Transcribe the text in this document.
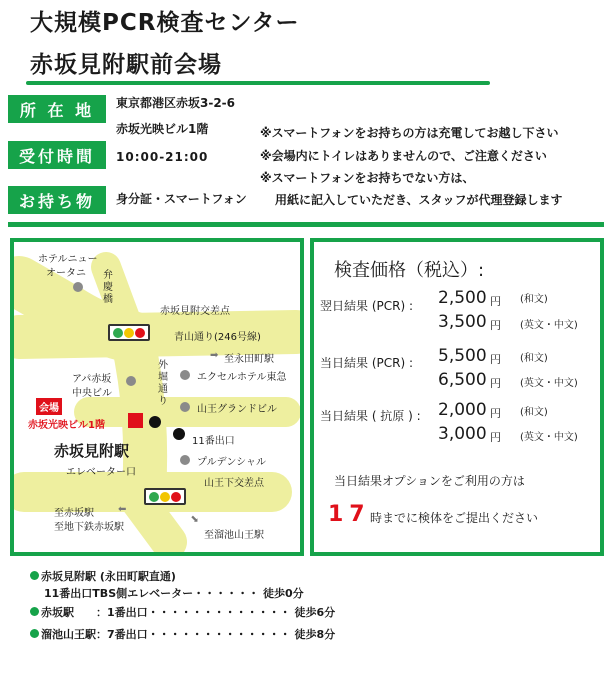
大規模PCR検査センター
赤坂見附駅前会場
所 在 地	東京都港区赤坂3-2-6
赤坂光映ビル1階
受付時間	10:00-21:00
お持ち物	身分証・スマートフォン
※スマートフォンをお持ちの方は充電してお越し下さい
※会場内にトイレはありませんので、ご注意ください
※スマートフォンをお持ちでない方は、
用紙に記入していただき、スタッフが代理登録します
ホテルニュー
オータニ 弁慶橋
赤坂見附交差点
青山通り(246号線)
➡ 至永田町駅
外堀通り
アパ赤坂
中央ビル
エクセルホテル東急
山王グランドビル
会場
赤坂光映ビル1階
11番出口
赤坂見附駅
エレベーター口
プルデンシャル
山王下交差点
⬅
至赤坂駅
至地下鉄赤坂駅
➡
至溜池山王駅
検査価格（税込）:
翌日結果 (PCR) : 2,500 円 (和文)
3,500 円 (英文・中文)
当日結果 (PCR) : 5,500 円 (和文)
6,500 円 (英文・中文)
当日結果 ( 抗原 ) : 2,000 円 (和文)
3,000 円 (英文・中文)
当日結果オプションをご利用の方は
17 時までに検体をご提出ください
赤坂見附駅 (永田町駅直通)
11番出口TBS側エレベーター・・・・・・ 徒歩0分
赤坂駅　　：1番出口・・・・・・・・・・・・・ 徒歩6分
溜池山王駅：7番出口・・・・・・・・・・・・・ 徒歩8分
